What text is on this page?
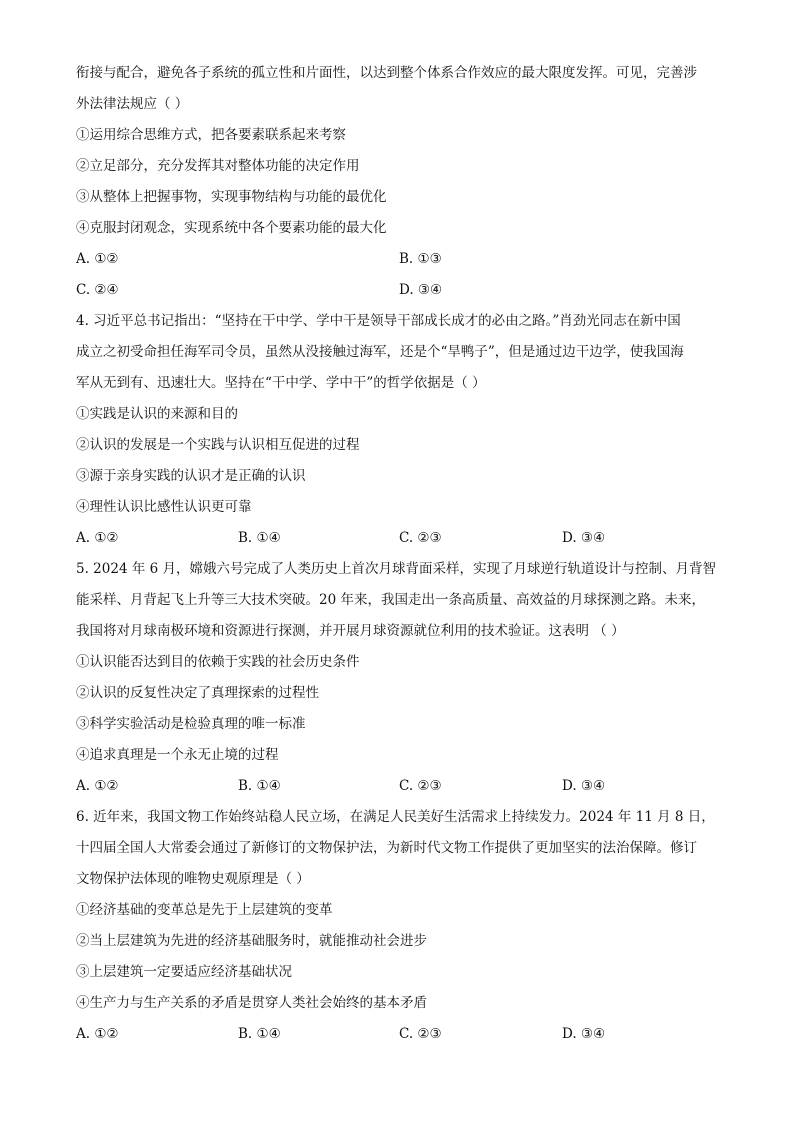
衔接与配合，避免各子系统的孤立性和片面性，以达到整个体系合作效应的最大限度发挥。可见，完善涉
外法律法规应（ ）
①运用综合思维方式，把各要素联系起来考察
②立足部分，充分发挥其对整体功能的决定作用
③从整体上把握事物，实现事物结构与功能的最优化
④克服封闭观念，实现系统中各个要素功能的最大化
A. ①②	B. ①③
C. ②④	D. ③④
4. 习近平总书记指出：“坚持在干中学、学中干是领导干部成长成才的必由之路。”肖劲光同志在新中国
成立之初受命担任海军司令员，虽然从没接触过海军，还是个“旱鸭子”，但是通过边干边学，使我国海
军从无到有、迅速壮大。坚持在“干中学、学中干”的哲学依据是（ ）
①实践是认识的来源和目的
②认识的发展是一个实践与认识相互促进的过程
③源于亲身实践的认识才是正确的认识
④理性认识比感性认识更可靠
A. ①②	B. ①④	C. ②③	D. ③④
5. 2024 年 6 月，嫦娥六号完成了人类历史上首次月球背面采样，实现了月球逆行轨道设计与控制、月背智
能采样、月背起飞上升等三大技术突破。20 年来，我国走出一条高质量、高效益的月球探测之路。未来，
我国将对月球南极环境和资源进行探测，并开展月球资源就位利用的技术验证。这表明 （ ）
①认识能否达到目的依赖于实践的社会历史条件
②认识的反复性决定了真理探索的过程性
③科学实验活动是检验真理的唯一标准
④追求真理是一个永无止境的过程
A. ①②	B. ①④	C. ②③	D. ③④
6. 近年来，我国文物工作始终站稳人民立场，在满足人民美好生活需求上持续发力。2024 年 11 月 8 日，
十四届全国人大常委会通过了新修订的文物保护法，为新时代文物工作提供了更加坚实的法治保障。修订
文物保护法体现的唯物史观原理是（ ）
①经济基础的变革总是先于上层建筑的变革
②当上层建筑为先进的经济基础服务时，就能推动社会进步
③上层建筑一定要适应经济基础状况
④生产力与生产关系的矛盾是贯穿人类社会始终的基本矛盾
A. ①②	B. ①④	C. ②③	D. ③④
